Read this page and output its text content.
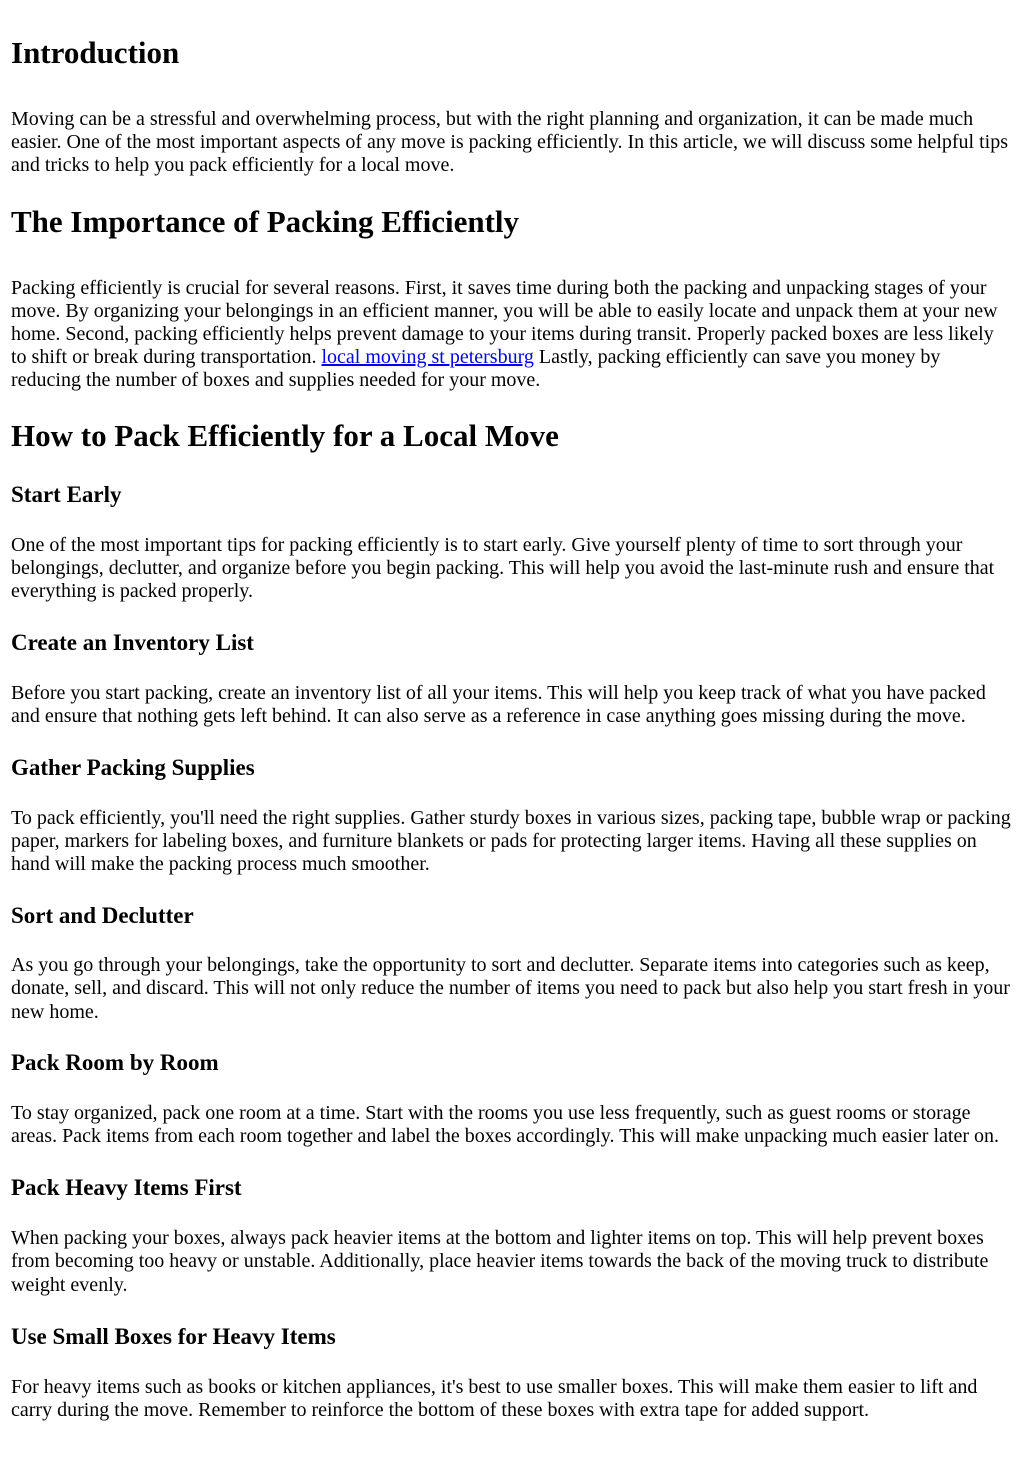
Introduction

Moving can be a stressful and overwhelming process, but with the right planning and organization, it can be made much easier. One of the most important aspects of any move is packing efficiently. In this article, we will discuss some helpful tips and tricks to help you pack efficiently for a local move.

The Importance of Packing Efficiently

Packing efficiently is crucial for several reasons. First, it saves time during both the packing and unpacking stages of your move. By organizing your belongings in an efficient manner, you will be able to easily locate and unpack them at your new home. Second, packing efficiently helps prevent damage to your items during transit. Properly packed boxes are less likely to shift or break during transportation. local moving st petersburg Lastly, packing efficiently can save you money by reducing the number of boxes and supplies needed for your move.

How to Pack Efficiently for a Local Move
Start Early

One of the most important tips for packing efficiently is to start early. Give yourself plenty of time to sort through your belongings, declutter, and organize before you begin packing. This will help you avoid the last-minute rush and ensure that everything is packed properly.

Create an Inventory List

Before you start packing, create an inventory list of all your items. This will help you keep track of what you have packed and ensure that nothing gets left behind. It can also serve as a reference in case anything goes missing during the move.

Gather Packing Supplies

To pack efficiently, you'll need the right supplies. Gather sturdy boxes in various sizes, packing tape, bubble wrap or packing paper, markers for labeling boxes, and furniture blankets or pads for protecting larger items. Having all these supplies on hand will make the packing process much smoother.

Sort and Declutter

As you go through your belongings, take the opportunity to sort and declutter. Separate items into categories such as keep, donate, sell, and discard. This will not only reduce the number of items you need to pack but also help you start fresh in your new home.

Pack Room by Room

To stay organized, pack one room at a time. Start with the rooms you use less frequently, such as guest rooms or storage areas. Pack items from each room together and label the boxes accordingly. This will make unpacking much easier later on.

Pack Heavy Items First

When packing your boxes, always pack heavier items at the bottom and lighter items on top. This will help prevent boxes from becoming too heavy or unstable. Additionally, place heavier items towards the back of the moving truck to distribute weight evenly.

Use Small Boxes for Heavy Items

For heavy items such as books or kitchen appliances, it's best to use smaller boxes. This will make them easier to lift and carry during the move. Remember to reinforce the bottom of these boxes with extra tape for added support.
